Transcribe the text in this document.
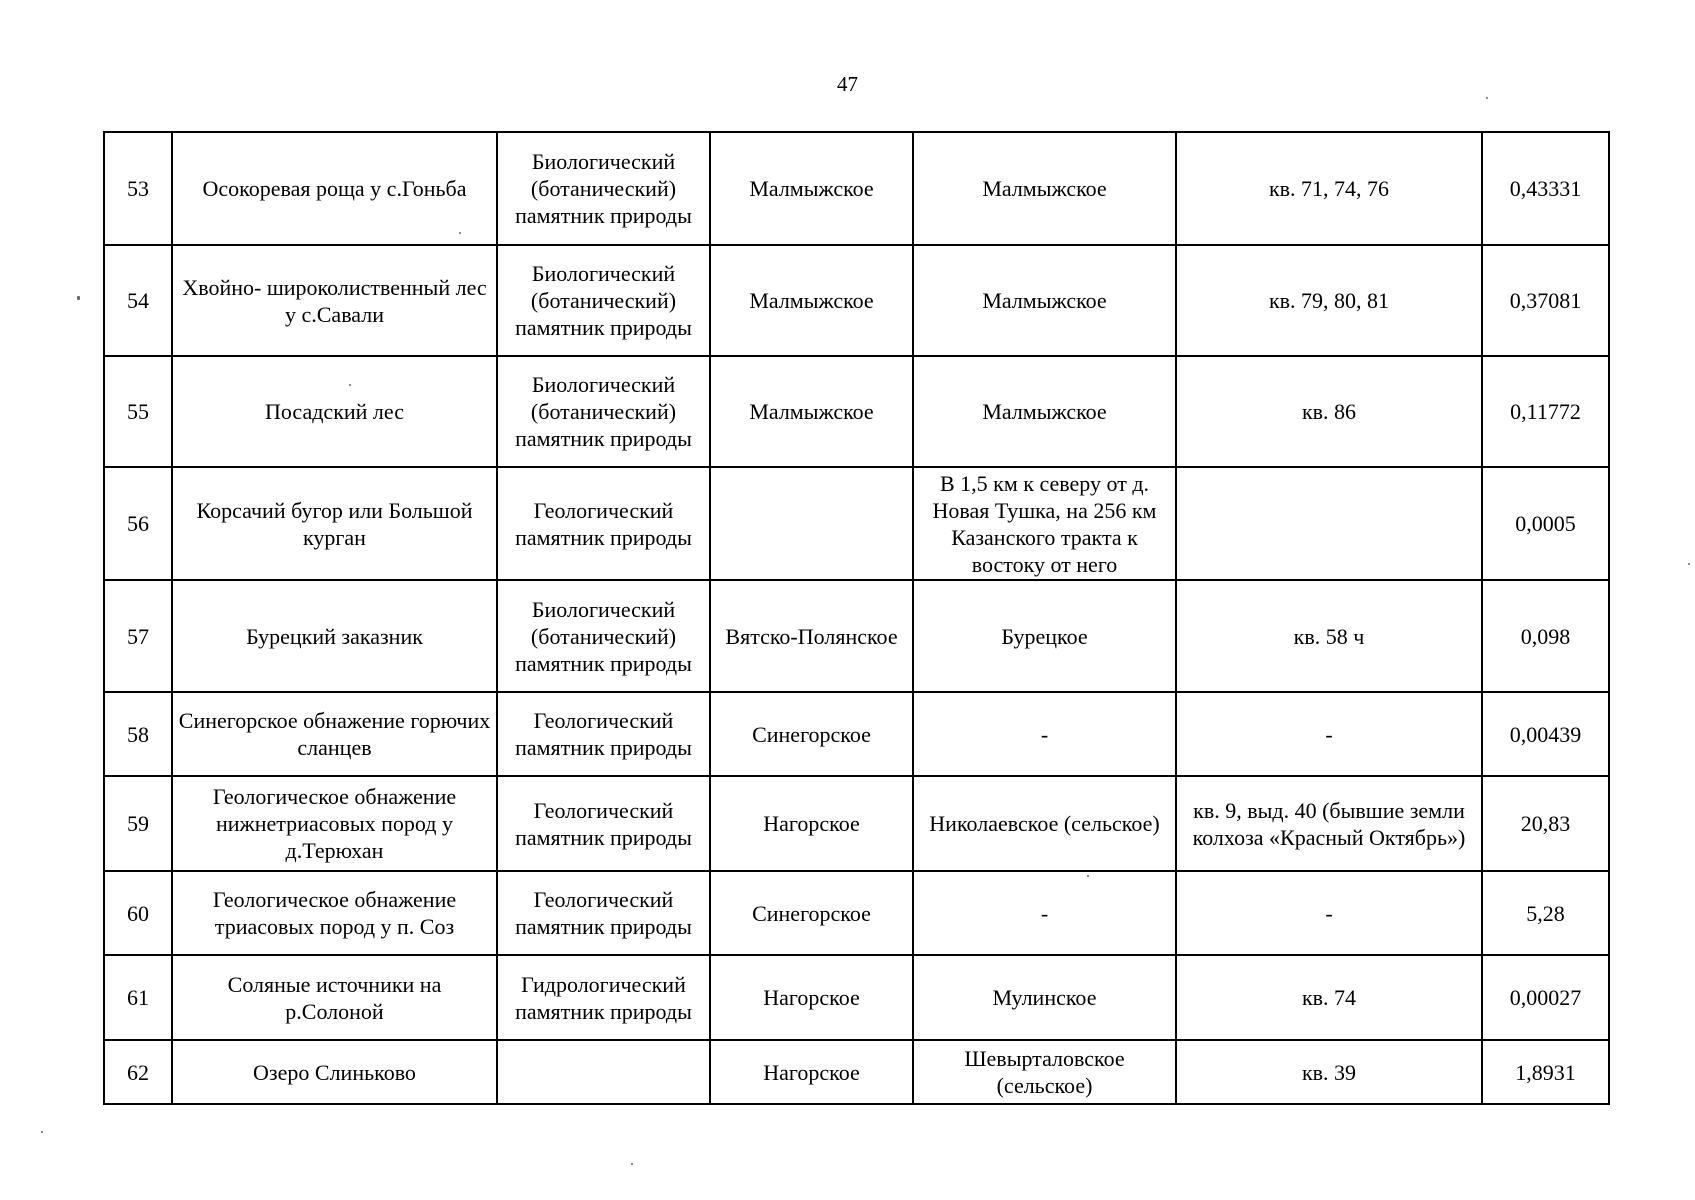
47
53	Осокоревая роща у с.Гоньба	Биологический (ботанический) памятник природы	Малмыжское	Малмыжское	кв. 71, 74, 76	0,43331
54	Хвойно- широколиственный лес у с.Савали	Биологический (ботанический) памятник природы	Малмыжское	Малмыжское	кв. 79, 80, 81	0,37081
55	Посадский лес	Биологический (ботанический) памятник природы	Малмыжское	Малмыжское	кв. 86	0,11772
56	Корсачий бугор или Большой курган	Геологический памятник природы		В 1,5 км к северу от д. Новая Тушка, на 256 км Казанского тракта к востоку от него		0,0005
57	Бурецкий заказник	Биологический (ботанический) памятник природы	Вятско-Полянское	Бурецкое	кв. 58 ч	0,098
58	Синегорское обнажение горючих сланцев	Геологический памятник природы	Синегорское	-	-	0,00439
59	Геологическое обнажение нижнетриасовых пород у д.Терюхан	Геологический памятник природы	Нагорское	Николаевское (сельское)	кв. 9, выд. 40 (бывшие земли колхоза «Красный Октябрь»)	20,83
60	Геологическое обнажение триасовых пород у п. Соз	Геологический памятник природы	Синегорское	-	-	5,28
61	Соляные источники на р.Солоной	Гидрологический памятник природы	Нагорское	Мулинское	кв. 74	0,00027
62	Озеро Слиньково		Нагорское	Шевырталовское (сельское)	кв. 39	1,8931
